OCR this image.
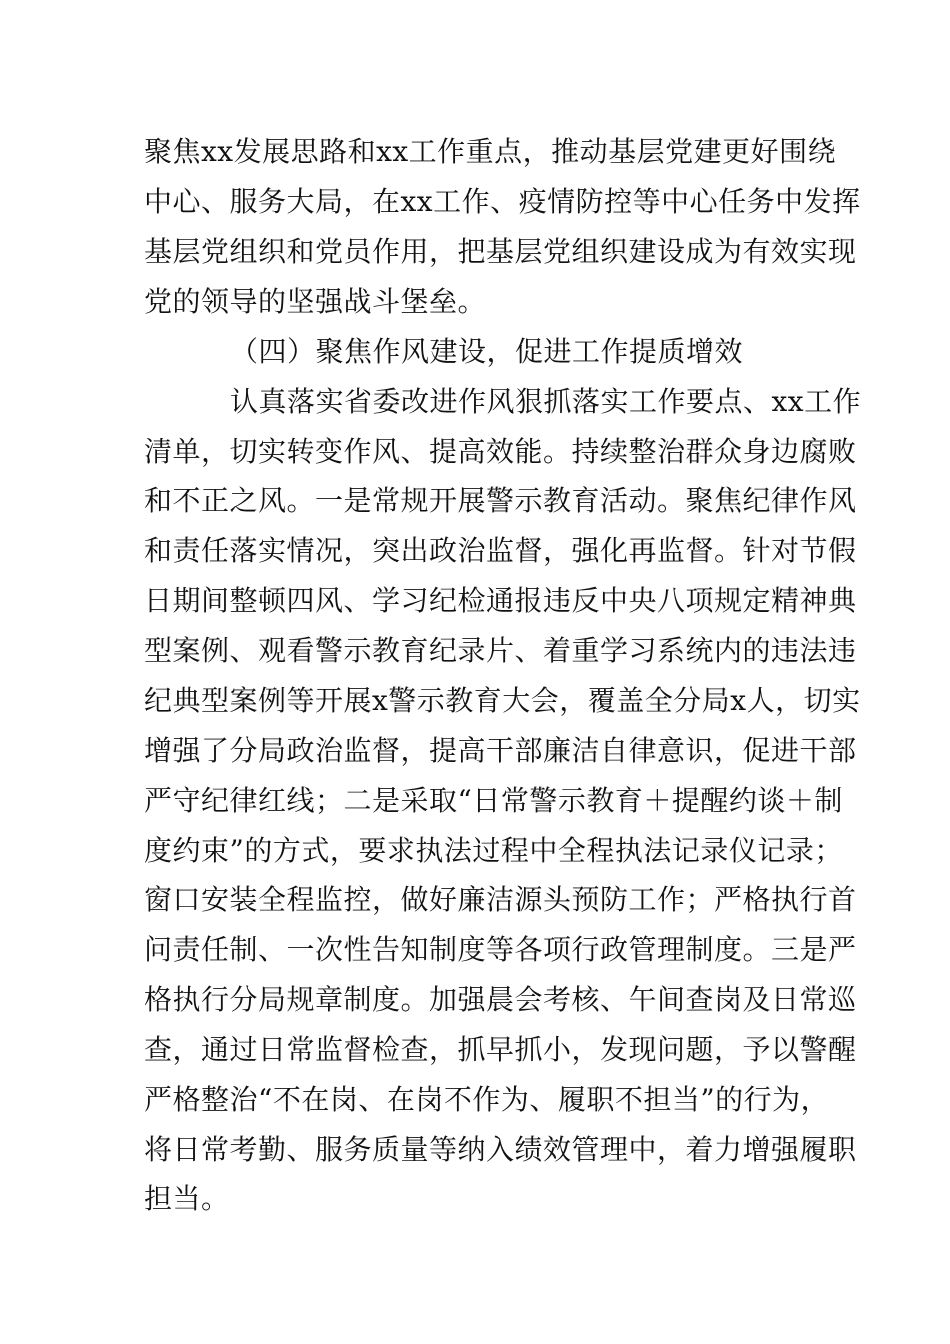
聚焦xx发展思路和xx工作重点，推动基层党建更好围绕
中心、服务大局，在xx工作、疫情防控等中心任务中发挥
基层党组织和党员作用，把基层党组织建设成为有效实现
党的领导的坚强战斗堡垒。
（四）聚焦作风建设，促进工作提质增效
认真落实省委改进作风狠抓落实工作要点、xx工作
清单，切实转变作风、提高效能。持续整治群众身边腐败
和不正之风。一是常规开展警示教育活动。聚焦纪律作风
和责任落实情况，突出政治监督，强化再监督。针对节假
日期间整顿四风、学习纪检通报违反中央八项规定精神典
型案例、观看警示教育纪录片、着重学习系统内的违法违
纪典型案例等开展x警示教育大会，覆盖全分局x人，切实
增强了分局政治监督，提高干部廉洁自律意识，促进干部
严守纪律红线；二是采取“日常警示教育＋提醒约谈＋制
度约束”的方式，要求执法过程中全程执法记录仪记录；
窗口安装全程监控，做好廉洁源头预防工作；严格执行首
问责任制、一次性告知制度等各项行政管理制度。三是严
格执行分局规章制度。加强晨会考核、午间查岗及日常巡
查，通过日常监督检查，抓早抓小，发现问题，予以警醒
严格整治“不在岗、在岗不作为、履职不担当”的行为，
将日常考勤、服务质量等纳入绩效管理中，着力增强履职
担当。
